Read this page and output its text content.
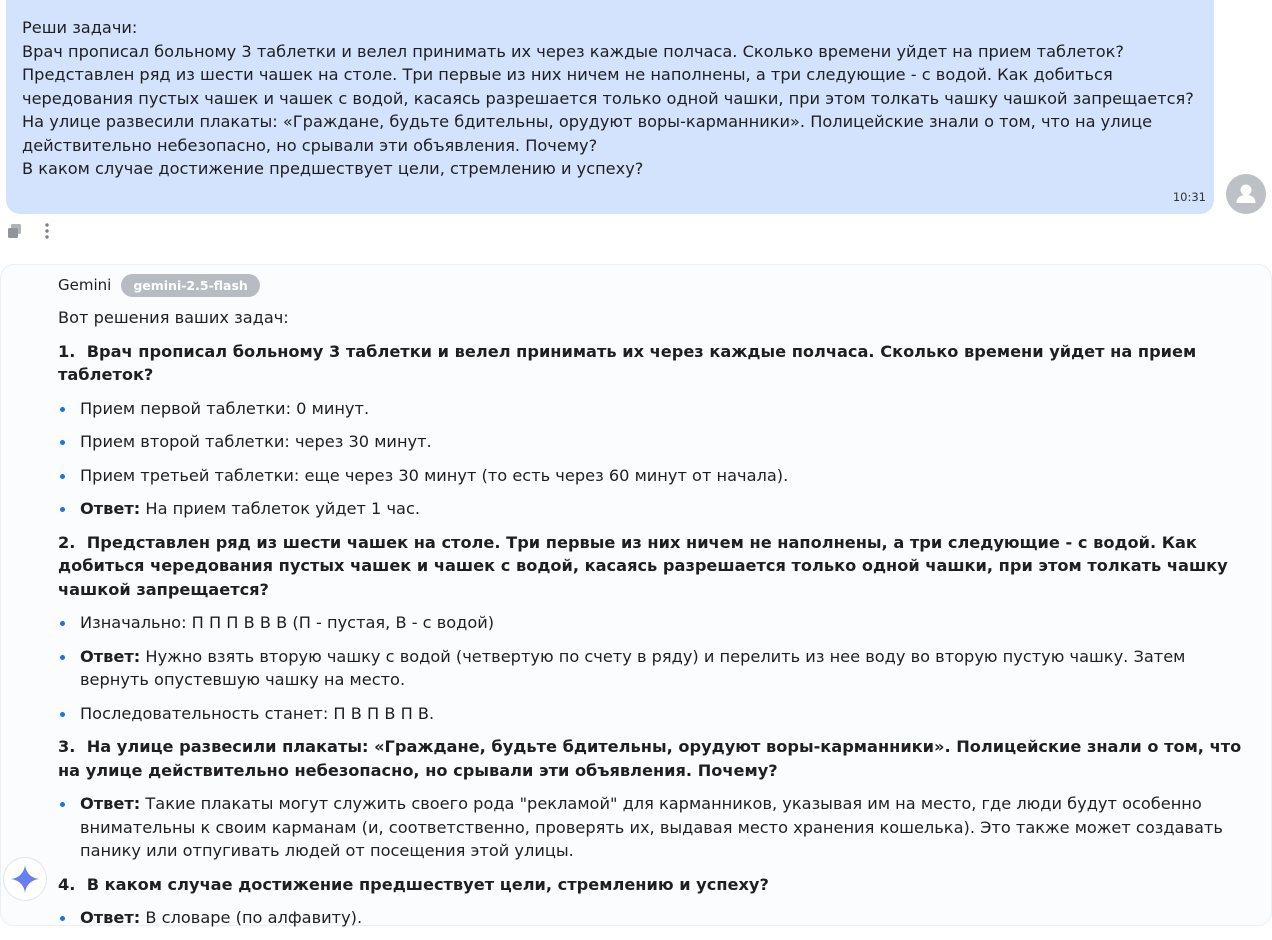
Реши задачи:
Врач прописал больному 3 таблетки и велел принимать их через каждые полчаса. Сколько времени уйдет на прием таблеток?
Представлен ряд из шести чашек на столе. Три первые из них ничем не наполнены, а три следующие - с водой. Как добиться
чередования пустых чашек и чашек с водой, касаясь разрешается только одной чашки, при этом толкать чашку чашкой запрещается?
На улице развесили плакаты: «Граждане, будьте бдительны, орудуют воры-карманники». Полицейские знали о том, что на улице
действительно небезопасно, но срывали эти объявления. Почему?
В каком случае достижение предшествует цели, стремлению и успеху?
10:31
Gemini	gemini-2.5-flash
Вот решения ваших задач:
1. Врач прописал больному 3 таблетки и велел принимать их через каждые полчаса. Сколько времени уйдет на прием таблеток?
Прием первой таблетки: 0 минут.
Прием второй таблетки: через 30 минут.
Прием третьей таблетки: еще через 30 минут (то есть через 60 минут от начала).
Ответ: На прием таблеток уйдет 1 час.
2. Представлен ряд из шести чашек на столе. Три первые из них ничем не наполнены, а три следующие - с водой. Как добиться чередования пустых чашек и чашек с водой, касаясь разрешается только одной чашки, при этом толкать чашку чашкой запрещается?
Изначально: П П П В В В (П - пустая, В - с водой)
Ответ: Нужно взять вторую чашку с водой (четвертую по счету в ряду) и перелить из нее воду во вторую пустую чашку. Затем вернуть опустевшую чашку на место.
Последовательность станет: П В П В П В.
3. На улице развесили плакаты: «Граждане, будьте бдительны, орудуют воры-карманники». Полицейские знали о том, что на улице действительно небезопасно, но срывали эти объявления. Почему?
Ответ: Такие плакаты могут служить своего рода "рекламой" для карманников, указывая им на место, где люди будут особенно внимательны к своим карманам (и, соответственно, проверять их, выдавая место хранения кошелька). Это также может создавать панику или отпугивать людей от посещения этой улицы.
4. В каком случае достижение предшествует цели, стремлению и успеху?
Ответ: В словаре (по алфавиту).
